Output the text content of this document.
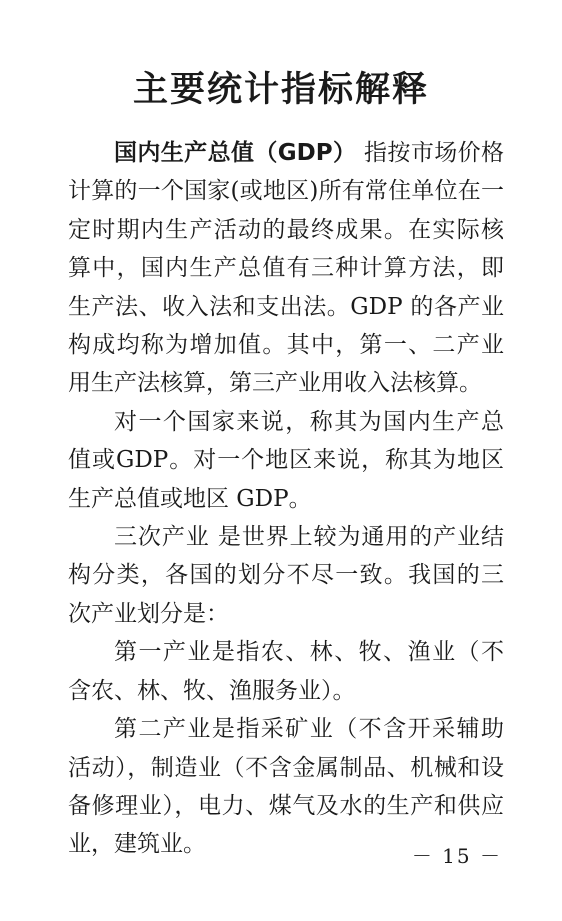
主要统计指标解释

国内生产总值（GDP） 指按市场价格计算的一个国家(或地区)所有常住单位在一定时期内生产活动的最终成果。在实际核算中，国内生产总值有三种计算方法，即生产法、收入法和支出法。GDP 的各产业构成均称为增加值。其中，第一、二产业用生产法核算，第三产业用收入法核算。

对一个国家来说，称其为国内生产总值或GDP。对一个地区来说，称其为地区生产总值或地区 GDP。

三次产业 是世界上较为通用的产业结构分类，各国的划分不尽一致。我国的三次产业划分是：

第一产业是指农、林、牧、渔业（不含农、林、牧、渔服务业）。

第二产业是指采矿业（不含开采辅助活动），制造业（不含金属制品、机械和设备修理业），电力、煤气及水的生产和供应业，建筑业。	－ 15 －
